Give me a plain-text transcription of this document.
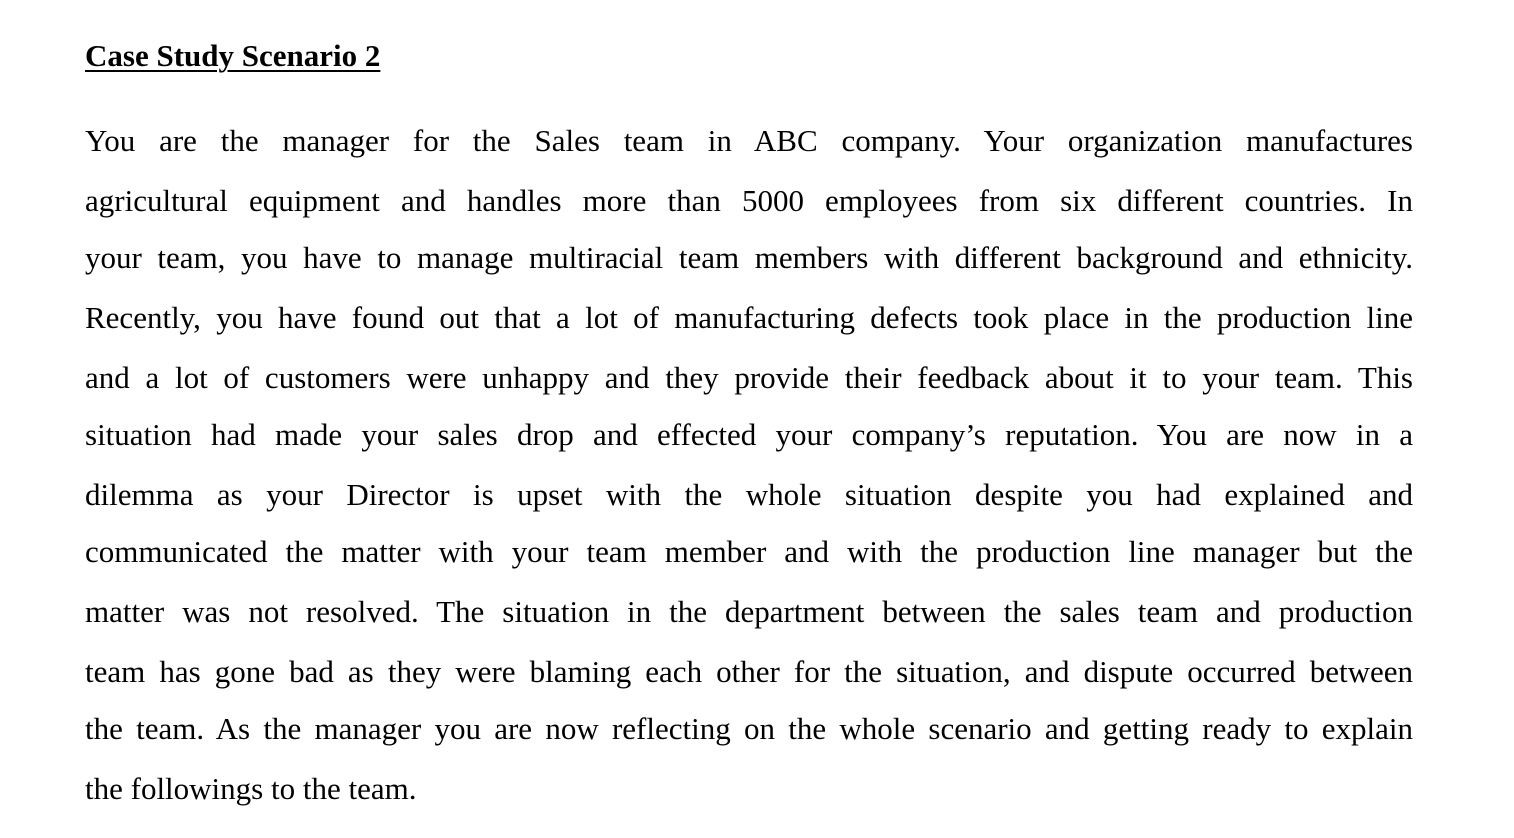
Case Study Scenario 2
You are the manager for the Sales team in ABC company. Your organization manufactures
agricultural equipment and handles more than 5000 employees from six different countries. In
your team, you have to manage multiracial team members with different background and ethnicity.
Recently, you have found out that a lot of manufacturing defects took place in the production line
and a lot of customers were unhappy and they provide their feedback about it to your team. This
situation had made your sales drop and effected your company’s reputation. You are now in a
dilemma as your Director is upset with the whole situation despite you had explained and
communicated the matter with your team member and with the production line manager but the
matter was not resolved. The situation in the department between the sales team and production
team has gone bad as they were blaming each other for the situation, and dispute occurred between
the team. As the manager you are now reflecting on the whole scenario and getting ready to explain
the followings to the team.
